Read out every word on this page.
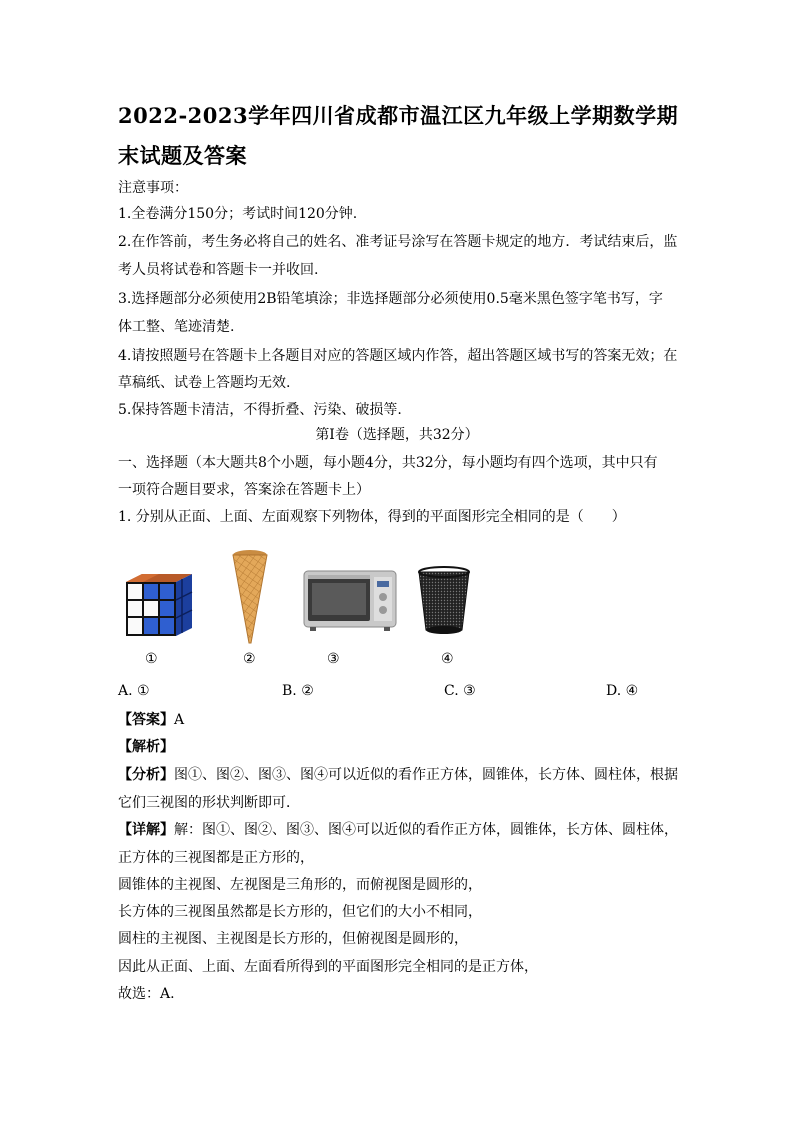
2022-2023学年四川省成都市温江区九年级上学期数学期末试题及答案
注意事项：
1.全卷满分150分；考试时间120分钟.
2.在作答前，考生务必将自己的姓名、准考证号涂写在答题卡规定的地方．考试结束后，监
考人员将试卷和答题卡一并收回.
3.选择题部分必须使用2B铅笔填涂；非选择题部分必须使用0.5毫米黑色签字笔书写，字
体工整、笔迹清楚.
4.请按照题号在答题卡上各题目对应的答题区域内作答，超出答题区域书写的答案无效；在
草稿纸、试卷上答题均无效.
5.保持答题卡清洁，不得折叠、污染、破损等.
第Ⅰ卷（选择题，共32分）
一、选择题（本大题共8个小题，每小题4分，共32分，每小题均有四个选项，其中只有
一项符合题目要求，答案涂在答题卡上）
1. 分别从正面、上面、左面观察下列物体，得到的平面图形完全相同的是（　　）
①	②	③	④
A. ①	B. ②	C. ③	D. ④
【答案】A
【解析】
【分析】图①、图②、图③、图④可以近似的看作正方体，圆锥体，长方体、圆柱体，根据
它们三视图的形状判断即可．
【详解】解：图①、图②、图③、图④可以近似的看作正方体，圆锥体，长方体、圆柱体，
正方体的三视图都是正方形的，
圆锥体的主视图、左视图是三角形的，而俯视图是圆形的，
长方体的三视图虽然都是长方形的，但它们的大小不相同，
圆柱的主视图、主视图是长方形的，但俯视图是圆形的，
因此从正面、上面、左面看所得到的平面图形完全相同的是正方体，
故选：A.
